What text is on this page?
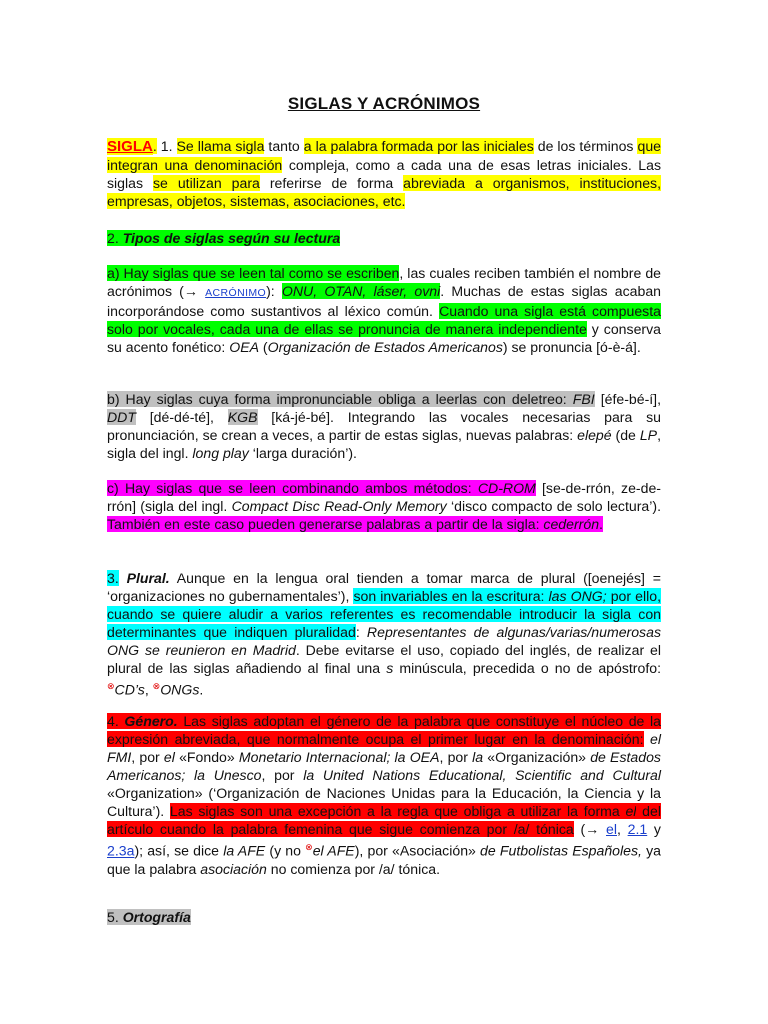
SIGLAS Y ACRÓNIMOS

SIGLA. 1. Se llama sigla tanto a la palabra formada por las iniciales de los términos que integran una denominación compleja, como a cada una de esas letras iniciales. Las siglas se utilizan para referirse de forma abreviada a organismos, instituciones, empresas, objetos, sistemas, asociaciones, etc.

2. Tipos de siglas según su lectura

a) Hay siglas que se leen tal como se escriben, las cuales reciben también el nombre de acrónimos (→ ACRÓNIMO): ONU, OTAN, láser, ovni. Muchas de estas siglas acaban incorporándose como sustantivos al léxico común. Cuando una sigla está compuesta solo por vocales, cada una de ellas se pronuncia de manera independiente y conserva su acento fonético: OEA (Organización de Estados Americanos) se pronuncia [ó-è-á].

b) Hay siglas cuya forma impronunciable obliga a leerlas con deletreo: FBI [éfe-bé-í], DDT [dé-dé-té], KGB [ká-jé-bé]. Integrando las vocales necesarias para su pronunciación, se crean a veces, a partir de estas siglas, nuevas palabras: elepé (de LP, sigla del ingl. long play ‘larga duración’).

c) Hay siglas que se leen combinando ambos métodos: CD-ROM [se-de-rrón, ze-de-rrón] (sigla del ingl. Compact Disc Read-Only Memory ‘disco compacto de solo lectura’). También en este caso pueden generarse palabras a partir de la sigla: cederrón.

3. Plural. Aunque en la lengua oral tienden a tomar marca de plural ([oenejés] = ‘organizaciones no gubernamentales’), son invariables en la escritura: las ONG; por ello, cuando se quiere aludir a varios referentes es recomendable introducir la sigla con determinantes que indiquen pluralidad: Representantes de algunas/varias/numerosas ONG se reunieron en Madrid. Debe evitarse el uso, copiado del inglés, de realizar el plural de las siglas añadiendo al final una s minúscula, precedida o no de apóstrofo: ⊗CD’s, ⊗ONGs.

4. Género. Las siglas adoptan el género de la palabra que constituye el núcleo de la expresión abreviada, que normalmente ocupa el primer lugar en la denominación: el FMI, por el «Fondo» Monetario Internacional; la OEA, por la «Organización» de Estados Americanos; la Unesco, por la United Nations Educational, Scientific and Cultural «Organization» (‘Organización de Naciones Unidas para la Educación, la Ciencia y la Cultura’). Las siglas son una excepción a la regla que obliga a utilizar la forma el del artículo cuando la palabra femenina que sigue comienza por /a/ tónica (→ el, 2.1 y 2.3a); así, se dice la AFE (y no ⊗el AFE), por «Asociación» de Futbolistas Españoles, ya que la palabra asociación no comienza por /a/ tónica.

5. Ortografía
